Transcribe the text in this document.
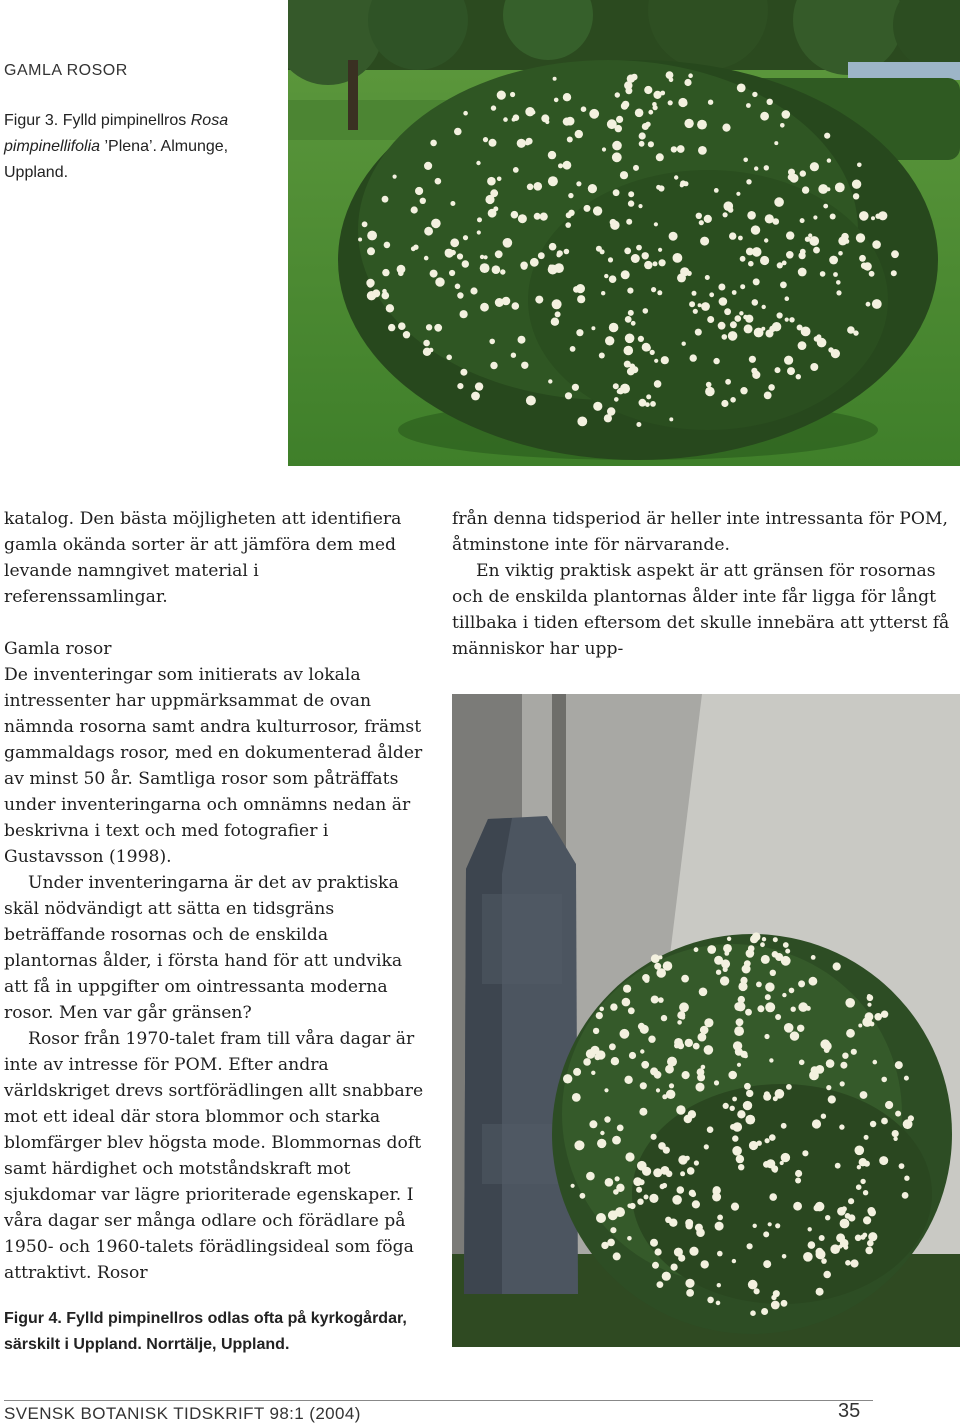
GAMLA ROSOR
Figur 3. Fylld pimpinellros Rosa pimpinellifolia ’Plena’. Almunge, Uppland.

katalog. Den bästa möjligheten att identifiera gamla okända sorter är att jämföra dem med levande namngivet material i referenssamlingar.

Gamla rosor

De inventeringar som initierats av lokala intressenter har uppmärksammat de ovan nämnda rosorna samt andra kulturrosor, främst gammaldags rosor, med en dokumenterad ålder av minst 50 år. Samtliga rosor som påträffats under inventeringarna och omnämns nedan är beskrivna i text och med fotografier i Gustavsson (1998).

Under inventeringarna är det av praktiska skäl nödvändigt att sätta en tidsgräns beträffande rosornas och de enskilda plantornas ålder, i första hand för att undvika att få in uppgifter om ointressanta moderna rosor. Men var går gränsen?

Rosor från 1970-talet fram till våra dagar är inte av intresse för POM. Efter andra världskriget drevs sortförädlingen allt snabbare mot ett ideal där stora blommor och starka blomfärger blev högsta mode. Blommornas doft samt härdighet och motståndskraft mot sjukdomar var lägre prioriterade egenskaper. I våra dagar ser många odlare och förädlare på 1950- och 1960-talets förädlingsideal som föga attraktivt. Rosor

från denna tidsperiod är heller inte intressanta för POM, åtminstone inte för närvarande.

En viktig praktisk aspekt är att gränsen för rosornas och de enskilda plantornas ålder inte får ligga för långt tillbaka i tiden eftersom det skulle innebära att ytterst få människor har upp-

Figur 4. Fylld pimpinellros odlas ofta på kyrkogårdar, särskilt i Uppland. Norrtälje, Uppland.
SVENSK BOTANISK TIDSKRIFT 98:1 (2004)	35
